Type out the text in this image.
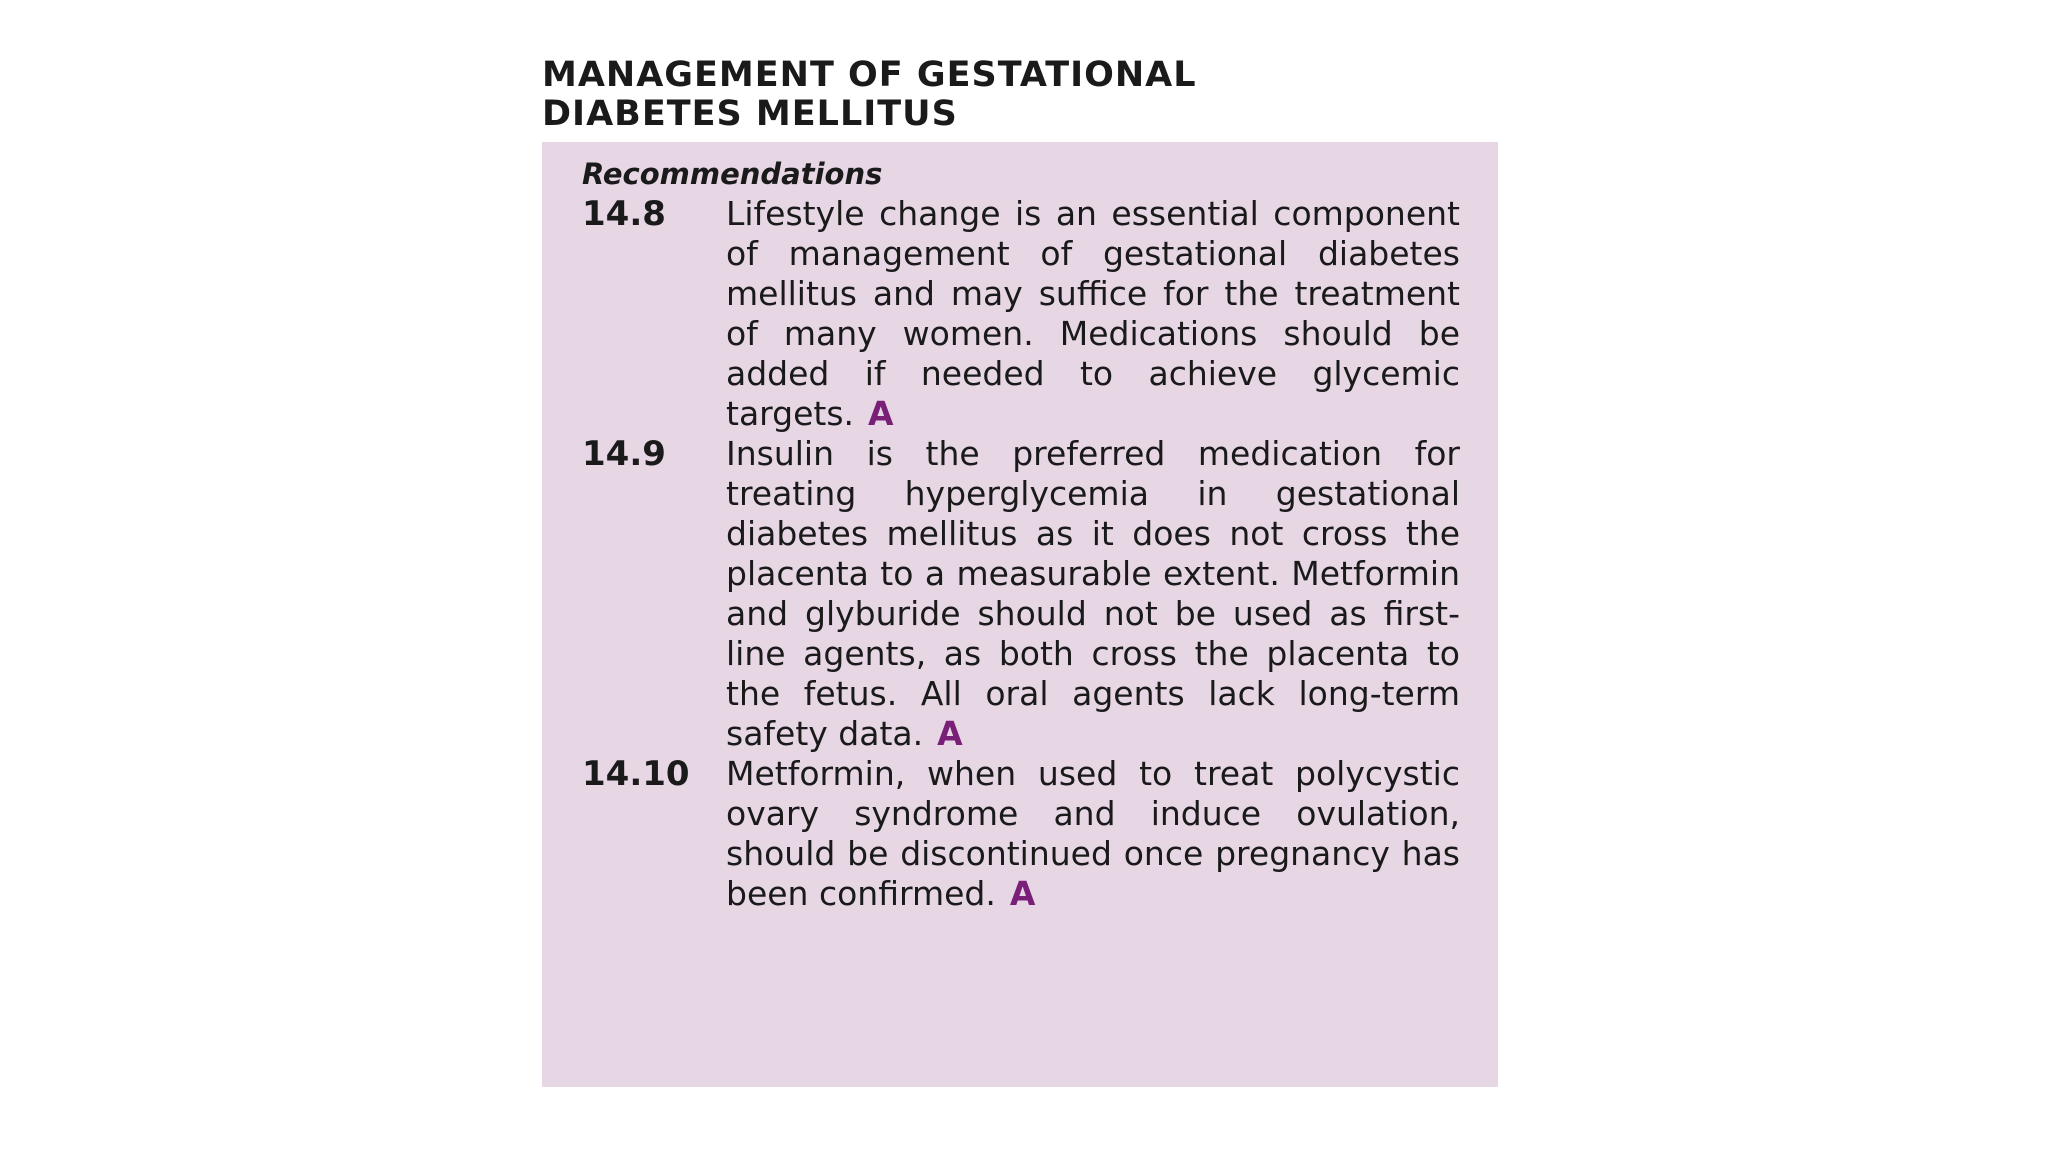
MANAGEMENT OF GESTATIONAL
DIABETES MELLITUS
Recommendations
14.8	Lifestyle change is an essential component of management of gestational diabetes mellitus and may suffice for the treatment of many women. Medications should be added if needed to achieve glycemic targets. A
14.9	Insulin is the preferred medication for treating hyperglycemia in gestational diabetes mellitus as it does not cross the placenta to a measurable extent. Metformin and glyburide should not be used as first-line agents, as both cross the placenta to the fetus. All oral agents lack long-term safety data. A
14.10	Metformin, when used to treat polycystic ovary syndrome and induce ovulation, should be discontinued once pregnancy has been confirmed. A
